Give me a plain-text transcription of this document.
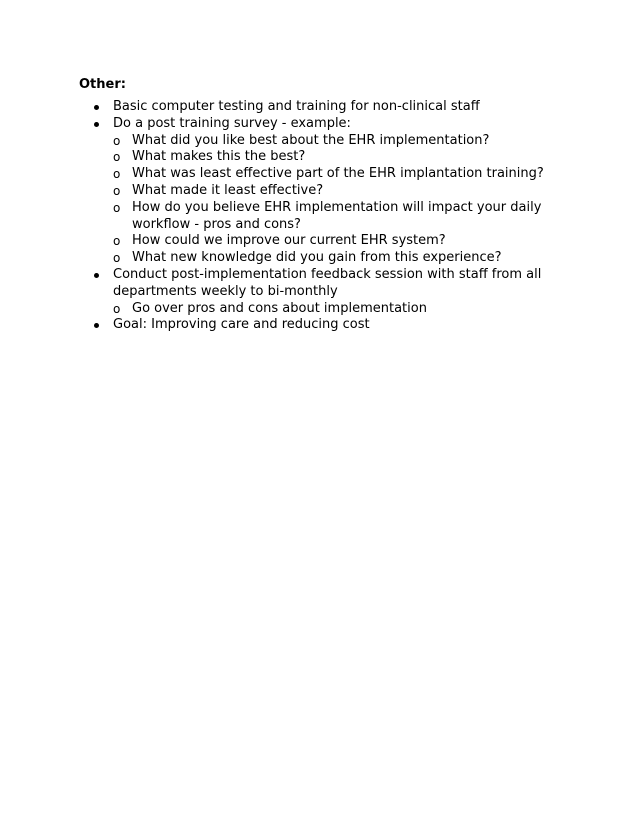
Other:

Basic computer testing and training for non-clinical staff
Do a post training survey - example:
o What did you like best about the EHR implementation?
o What makes this the best?
o What was least effective part of the EHR implantation training?
o What made it least effective?
o How do you believe EHR implementation will impact your daily workflow - pros and cons?
o How could we improve our current EHR system?
o What new knowledge did you gain from this experience?
Conduct post-implementation feedback session with staff from all departments weekly to bi-monthly
o Go over pros and cons about implementation
Goal: Improving care and reducing cost
